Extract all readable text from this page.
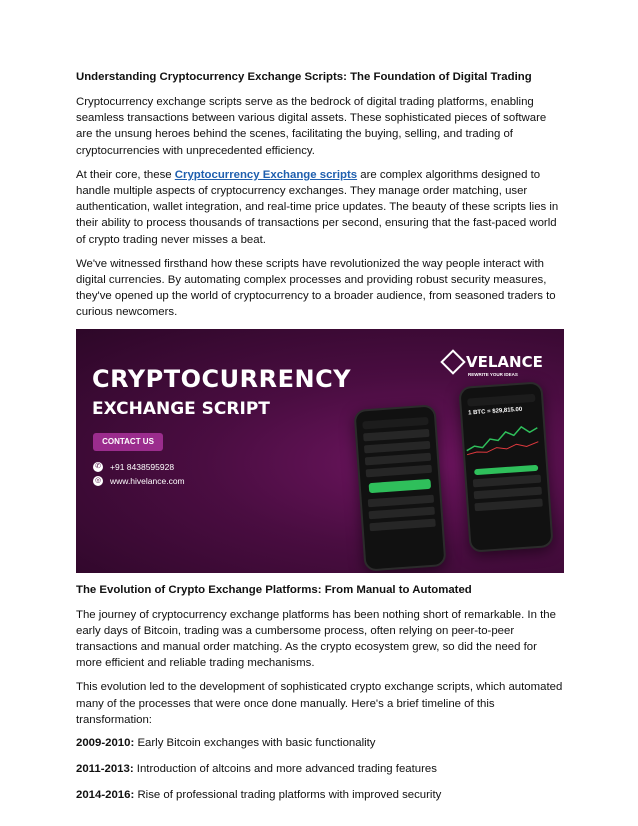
Understanding Cryptocurrency Exchange Scripts: The Foundation of Digital Trading

Cryptocurrency exchange scripts serve as the bedrock of digital trading platforms, enabling seamless transactions between various digital assets. These sophisticated pieces of software are the unsung heroes behind the scenes, facilitating the buying, selling, and trading of cryptocurrencies with unprecedented efficiency.

At their core, these Cryptocurrency Exchange scripts are complex algorithms designed to handle multiple aspects of cryptocurrency exchanges. They manage order matching, user authentication, wallet integration, and real-time price updates. The beauty of these scripts lies in their ability to process thousands of transactions per second, ensuring that the fast-paced world of crypto trading never misses a beat.

We've witnessed firsthand how these scripts have revolutionized the way people interact with digital currencies. By automating complex processes and providing robust security measures, they've opened up the world of cryptocurrency to a broader audience, from seasoned traders to curious newcomers.

CRYPTOCURRENCY
EXCHANGE SCRIPT
CONTACT US
✆ +91 8438595928
◎ www.hivelance.com
VELANCE
REWRITE YOUR IDEAS
1 BTC = $29,815.00
The Evolution of Crypto Exchange Platforms: From Manual to Automated

The journey of cryptocurrency exchange platforms has been nothing short of remarkable. In the early days of Bitcoin, trading was a cumbersome process, often relying on peer-to-peer transactions and manual order matching. As the crypto ecosystem grew, so did the need for more efficient and reliable trading mechanisms.

This evolution led to the development of sophisticated crypto exchange scripts, which automated many of the processes that were once done manually. Here's a brief timeline of this transformation:

2009-2010: Early Bitcoin exchanges with basic functionality
2011-2013: Introduction of altcoins and more advanced trading features
2014-2016: Rise of professional trading platforms with improved security
